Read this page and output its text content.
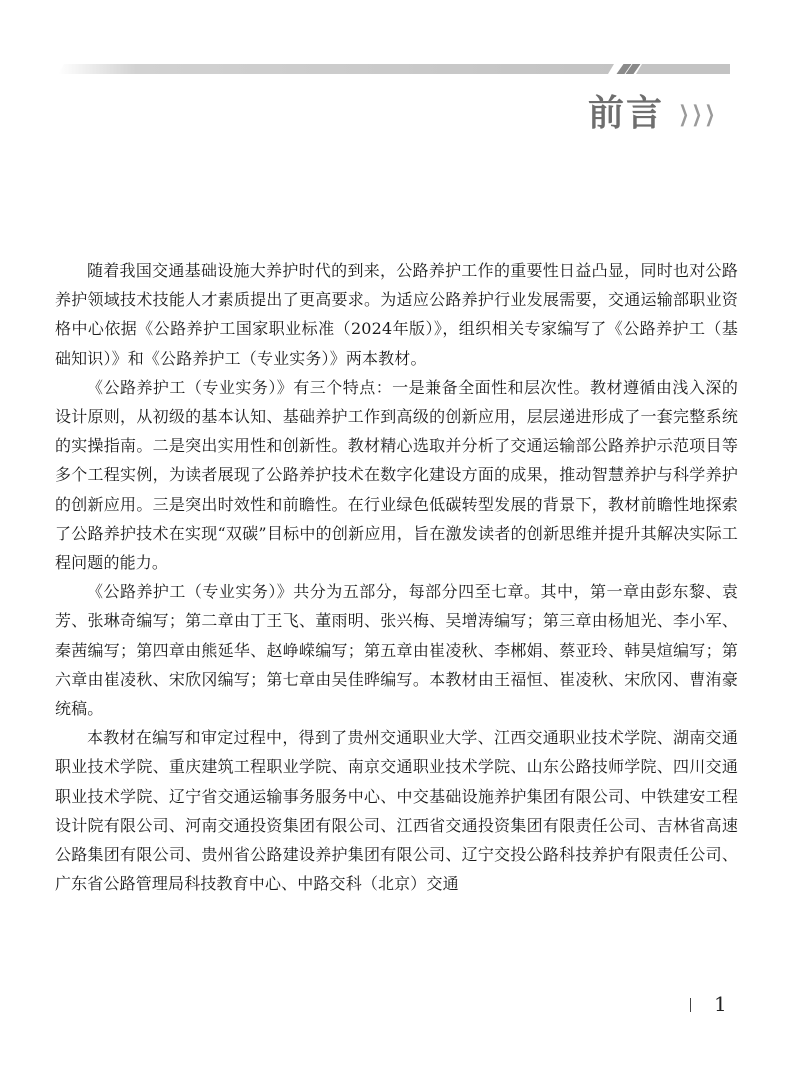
前言 ❯ ❯ ❯

随着我国交通基础设施大养护时代的到来，公路养护工作的重要性日益凸显，同时也对公路养护领域技术技能人才素质提出了更高要求。为适应公路养护行业发展需要，交通运输部职业资格中心依据《公路养护工国家职业标准（2024年版）》，组织相关专家编写了《公路养护工（基础知识）》和《公路养护工（专业实务）》两本教材。

《公路养护工（专业实务）》有三个特点：一是兼备全面性和层次性。教材遵循由浅入深的设计原则，从初级的基本认知、基础养护工作到高级的创新应用，层层递进形成了一套完整系统的实操指南。二是突出实用性和创新性。教材精心选取并分析了交通运输部公路养护示范项目等多个工程实例，为读者展现了公路养护技术在数字化建设方面的成果，推动智慧养护与科学养护的创新应用。三是突出时效性和前瞻性。在行业绿色低碳转型发展的背景下，教材前瞻性地探索了公路养护技术在实现“双碳”目标中的创新应用，旨在激发读者的创新思维并提升其解决实际工程问题的能力。

《公路养护工（专业实务）》共分为五部分，每部分四至七章。其中，第一章由彭东黎、袁芳、张琳奇编写；第二章由丁王飞、董雨明、张兴梅、吴增涛编写；第三章由杨旭光、李小军、秦茜编写；第四章由熊延华、赵峥嵘编写；第五章由崔凌秋、李郴娟、蔡亚玲、韩昊煊编写；第六章由崔凌秋、宋欣冈编写；第七章由吴佳晔编写。本教材由王福恒、崔凌秋、宋欣冈、曹洧豪统稿。

本教材在编写和审定过程中，得到了贵州交通职业大学、江西交通职业技术学院、湖南交通职业技术学院、重庆建筑工程职业学院、南京交通职业技术学院、山东公路技师学院、四川交通职业技术学院、辽宁省交通运输事务服务中心、中交基础设施养护集团有限公司、中铁建安工程设计院有限公司、河南交通投资集团有限公司、江西省交通投资集团有限责任公司、吉林省高速公路集团有限公司、贵州省公路建设养护集团有限公司、辽宁交投公路科技养护有限责任公司、广东省公路管理局科技教育中心、中路交科（北京）交通

1
